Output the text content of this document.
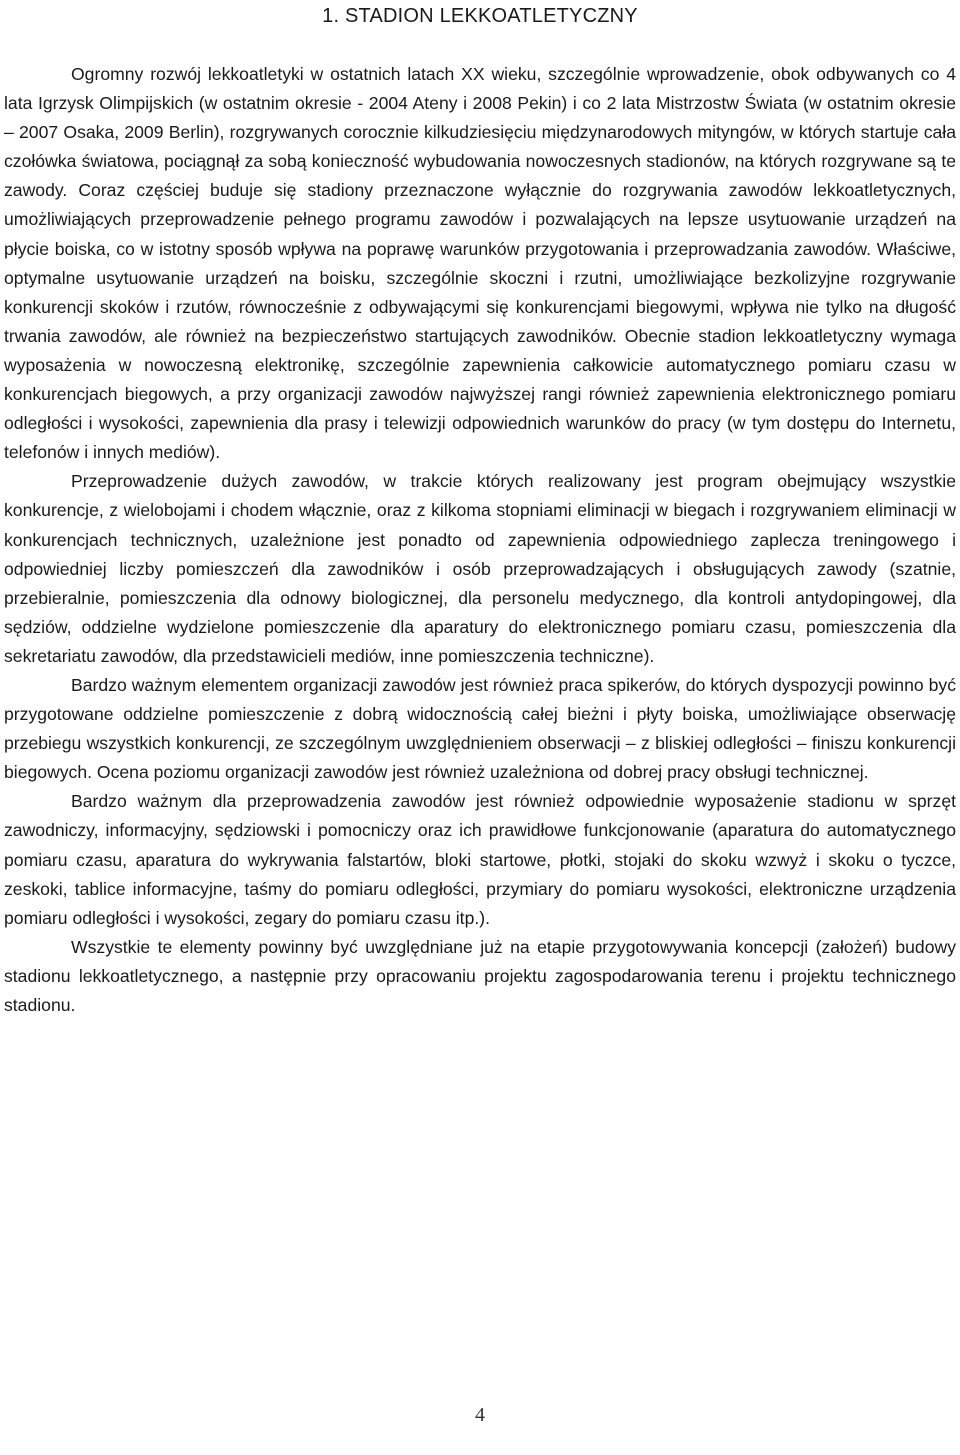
1. STADION LEKKOATLETYCZNY

Ogromny rozwój lekkoatletyki w ostatnich latach XX wieku, szczególnie wprowadzenie, obok odbywanych co 4 lata Igrzysk Olimpijskich (w ostatnim okresie - 2004 Ateny i 2008 Pekin) i co 2 lata Mistrzostw Świata (w ostatnim okresie – 2007 Osaka, 2009 Berlin), rozgrywanych corocznie kilkudziesięciu międzynarodowych mityngów, w których startuje cała czołówka światowa, pociągnął za sobą konieczność wybudowania nowoczesnych stadionów, na których rozgrywane są te zawody. Coraz częściej buduje się stadiony przeznaczone wyłącznie do rozgrywania zawodów lekkoatletycznych, umożliwiających przeprowadzenie pełnego programu zawodów i pozwalających na lepsze usytuowanie urządzeń na płycie boiska, co w istotny sposób wpływa na poprawę warunków przygotowania i przeprowadzania zawodów. Właściwe, optymalne usytuowanie urządzeń na boisku, szczególnie skoczni i rzutni, umożliwiające bezkolizyjne rozgrywanie konkurencji skoków i rzutów, równocześnie z odbywającymi się konkurencjami biegowymi, wpływa nie tylko na długość trwania zawodów, ale również na bezpieczeństwo startujących zawodników. Obecnie stadion lekkoatletyczny wymaga wyposażenia w nowoczesną elektronikę, szczególnie zapewnienia całkowicie automatycznego pomiaru czasu w konkurencjach biegowych, a przy organizacji zawodów najwyższej rangi również zapewnienia elektronicznego pomiaru odległości i wysokości, zapewnienia dla prasy i telewizji odpowiednich warunków do pracy (w tym dostępu do Internetu, telefonów i innych mediów).

Przeprowadzenie dużych zawodów, w trakcie których realizowany jest program obejmujący wszystkie konkurencje, z wielobojami i chodem włącznie, oraz z kilkoma stopniami eliminacji w biegach i rozgrywaniem eliminacji w konkurencjach technicznych, uzależnione jest ponadto od zapewnienia odpowiedniego zaplecza treningowego i odpowiedniej liczby pomieszczeń dla zawodników i osób przeprowadzających i obsługujących zawody (szatnie, przebieralnie, pomieszczenia dla odnowy biologicznej, dla personelu medycznego, dla kontroli antydopingowej, dla sędziów, oddzielne wydzielone pomieszczenie dla aparatury do elektronicznego pomiaru czasu, pomieszczenia dla sekretariatu zawodów, dla przedstawicieli mediów, inne pomieszczenia techniczne).

Bardzo ważnym elementem organizacji zawodów jest również praca spikerów, do których dyspozycji powinno być przygotowane oddzielne pomieszczenie z dobrą widocznością całej bieżni i płyty boiska, umożliwiające obserwację przebiegu wszystkich konkurencji, ze szczególnym uwzględnieniem obserwacji – z bliskiej odległości – finiszu konkurencji biegowych. Ocena poziomu organizacji zawodów jest również uzależniona od dobrej pracy obsługi technicznej.

Bardzo ważnym dla przeprowadzenia zawodów jest również odpowiednie wyposażenie stadionu w sprzęt zawodniczy, informacyjny, sędziowski i pomocniczy oraz ich prawidłowe funkcjonowanie (aparatura do automatycznego pomiaru czasu, aparatura do wykrywania falstartów, bloki startowe, płotki, stojaki do skoku wzwyż i skoku o tyczce, zeskoki, tablice informacyjne, taśmy do pomiaru odległości, przymiary do pomiaru wysokości, elektroniczne urządzenia pomiaru odległości i wysokości, zegary do pomiaru czasu itp.).

Wszystkie te elementy powinny być uwzględniane już na etapie przygotowywania koncepcji (założeń) budowy stadionu lekkoatletycznego, a następnie przy opracowaniu projektu zagospodarowania terenu i projektu technicznego stadionu.

4
